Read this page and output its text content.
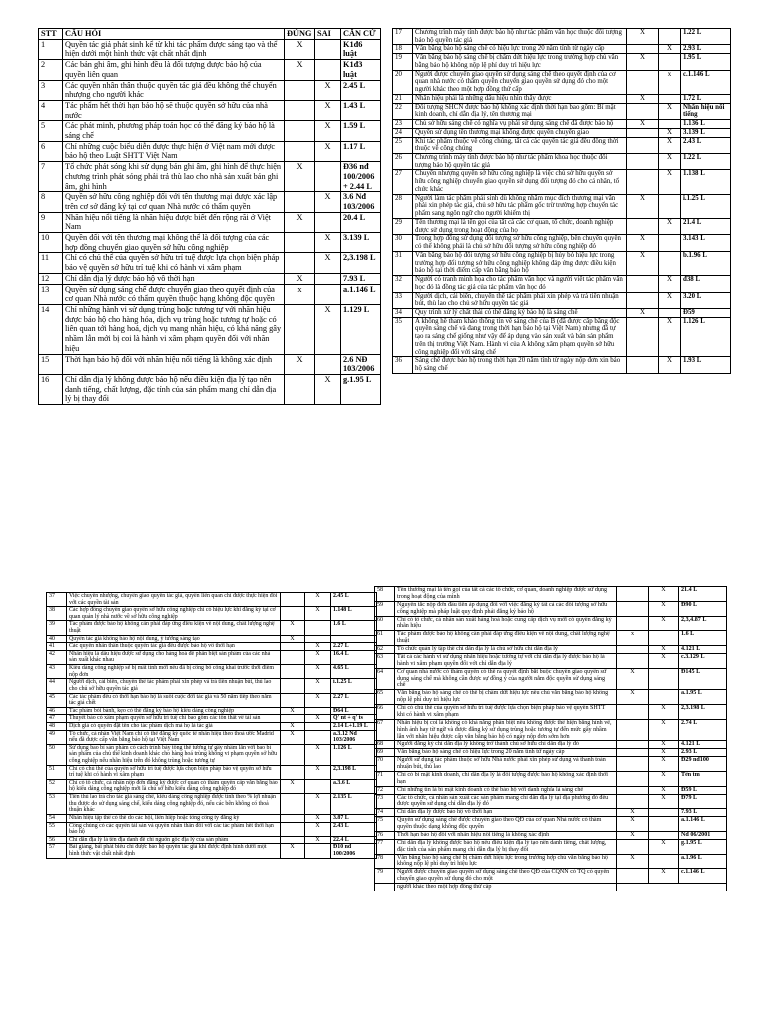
STT	CÂU HỎI	ĐÚNG	SAI	CĂN CỨ
1	Quyền tác giả phát sinh kể từ khi tác phẩm được sáng tạo và thể hiện dưới một hình thức vật chất nhất định	X		K1đ6 luật
2	Các bản ghi âm, ghi hình đều là đối tượng được bảo hộ của quyền liên quan	X		K1đ3 luật
3	Các quyền nhân thân thuộc quyền tác giả đều không thể chuyển nhượng cho người khác		X	2.45 L
4	Tác phẩm hết thời hạn bảo hộ sẽ thuộc quyền sở hữu của nhà nước		X	1.43 L
5	Các phát minh, phương pháp toán học có thể đăng ký bảo hộ là sáng chế		X	1.59 L
6	Chỉ những cuộc biểu diễn được thực hiện ở Việt nam mới được bảo hộ theo Luật SHTT Việt Nam		X	1.17 L
7	Tổ chức phát sóng khi sử dụng bản ghi âm, ghi hình để thực hiện chương trình phát sóng phải trả thù lao cho nhà sản xuất bản ghi âm, ghi hình	X		Đ36 nđ 100/2006 + 2.44 L
8	Quyền sở hữu công nghiệp đối với tên thương mại được xác lập trên cơ sở đăng ký tại cơ quan Nhà nước có thẩm quyền		X	3.6 Nđ 103/2006
9	Nhãn hiệu nổi tiếng là nhãn hiệu được biết đến rộng rãi ở Việt Nam	X		20.4 L
10	Quyền đối với tên thương mại không thể là đối tượng của các hợp đồng chuyển giao quyền sở hữu công nghiệp		X	3.139 L
11	Chỉ có chủ thể của quyền sở hữu trí tuệ được lựa chọn biện pháp bảo vệ quyền sở hữu trí tuệ khi có hành vi xâm phạm		X	2,3.198 L
12	Chỉ dẫn địa lý được bảo hộ vô thời hạn	X		7.93 L
13	Quyền sử dụng sáng chế được chuyển giao theo quyết định của cơ quan Nhà nước có thẩm quyền thuộc hạng không độc quyền	x		a.1.146 L
14	Chỉ những hành vi sử dụng trùng hoặc tương tự với nhãn hiệu được bảo hộ cho hàng hóa, dịch vụ trùng hoặc tương tự hoặc có liên quan tới hàng hoá, dịch vụ mang nhãn hiệu, có khả năng gây nhầm lẫn mới bị coi là hành vi xâm phạm quyền đối với nhãn hiệu		X	1.129 L
15	Thời hạn bảo hộ đối với nhãn hiệu nổi tiếng là không xác định	X		2.6 NĐ 103/2006
16	Chỉ dẫn địa lý không được bảo hộ nếu điều kiện địa lý tạo nên danh tiếng, chất lượng, đặc tính của sản phẩm mang chỉ dẫn địa lý bị thay đổi		X	g.1.95 L
17	Chương trình máy tính được bảo hộ như tác phẩm văn học thuộc đối tượng bảo hộ quyền tác giả	X		1.22 L
18	Văn bằng bảo hộ sáng chế có hiệu lực trong 20 năm tính từ ngày cấp		X	2.93 L
19	Văn bằng bảo hộ sáng chế bị chấm dứt hiệu lực trong trường hợp chủ văn bằng bảo hộ không nộp lệ phí duy trì hiệu lực	X		1.95 L
20	Người được chuyển giao quyền sử dụng sáng chế theo quyết định của cơ quan nhà nước có thẩm quyền chuyển giao quyền sử dụng đó cho một người khác theo một hợp đồng thứ cấp		x	c.1.146 L
21	Nhãn hiệu phải là những dấu hiệu nhìn thấy được	X		1.72 L
22	Đối tượng SHCN được bảo hộ không xác định thời hạn bao gồm: Bí mật kinh doanh, chỉ dẫn địa lý, tên thương mại		X	Nhãn hiệu nổi tiếng
23	Chủ sở hữu sáng chế có nghĩa vụ phải sử dụng sáng chế đã được bảo hộ	X		1.136 L
24	Quyền sử dụng tên thương mại không được quyền chuyển giao		X	3.139 L
25	Khi tác phẩm thuộc về công chúng, tất cả các quyền tác giả đều đồng thời thuộc về công chúng		X	2.43 L
26	Chương trình máy tính được bảo hộ như tác phẩm khoa học thuộc đối tượng bảo hộ quyền tác giả		X	1.22 L
27	Chuyển nhượng quyền sở hữu công nghiệp là việc chủ sở hữu quyền sở hữu công nghiệp chuyển giao quyền sử dụng đối tượng đó cho cá nhân, tổ chức khác		X	1.138 L
28	Người làm tác phẩm phái sinh dù không nhằm mục đích thương mại vẫn phải xin phép tác giả, chủ sở hữu tác phẩm gốc trừ trường hợp chuyển tác phẩm sang ngôn ngữ cho người khiếm thị	X		i.1.25 L
29	Tên thương mại là tên gọi của tất cả các cơ quan, tổ chức, doanh nghiệp được sử dụng trong hoạt động của họ		X	21.4 L
30	Trong hợp đồng sử dụng đối tượng sở hữu công nghiệp, bên chuyển quyền có thể không phải là chủ sở hữu đối tượng sở hữu công nghiệp đó	X		3.143 L
31	Văn bằng bảo hộ đối tượng sở hữu công nghiệp bị hủy bỏ hiệu lực trong trường hợp đối tượng sở hữu công nghiệp không đáp ứng được điều kiện bảo hộ tại thời điểm cấp văn bằng bảo hộ	X		b.1.96 L
32	Người có tranh minh họa cho tác phẩm văn học và người viết tác phẩm văn học đó là đồng tác giả của tác phẩm văn học đó		X	đ38 L
33	Người dịch, cải biên, chuyển thể tác phẩm phải xin phép và trả tiền nhuận bút, thù lao cho chủ sở hữu quyền tác giả		X	3.20 L
34	Quy trình xử lý chất thải có thể đăng ký bảo hộ là sáng chế	X		Đ59
35	A không hề tham khảo thông tin về sáng chế của B (đã được cấp bằng độc quyền sáng chế và đang trong thời hạn bảo hộ tại Việt Nam) nhưng đã tự tạo ra sáng chế giống như vậy để áp dụng vào sản xuất và bán sản phẩm trên thị trường Việt Nam. Hành vi của A không xâm phạm quyền sở hữu công nghiệp đối với sáng chế		X	1.126 L
36	Sáng chế được bảo hộ trong thời hạn 20 năm tính từ ngày nộp đơn xin bảo hộ sáng chế		X	1.93 L
37	Việc chuyển nhượng, chuyển giao quyền tác giả, quyền liên quan chỉ được thực hiện đối với các quyền tài sản		X	2.45 L
38	Các hợp đồng chuyển giao quyền sở hữu công nghiệp chỉ có hiệu lực khi đăng ký tại cơ quan quản lý nhà nước về sở hữu công nghiệp		X	1.148 L
39	Tác phẩm được bảo hộ không cần phải đáp ứng điều kiện về nội dung, chất lượng nghệ thuật	X		1.6 L
40	Quyền tác giả không bảo hộ nội dung, ý tưởng sáng tạo	X		
41	Các quyền nhân thân thuộc quyền tác giả đều được bảo hộ vô thời hạn		X	2.27 L
42	Nhãn hiệu là dấu hiệu được sử dụng cho hàng hoá để phân biệt sản phẩm của các nhà sản xuất khác nhau		X	16.4 L
43	Kiểu dáng công nghiệp sẽ bị mất tính mới nếu đã bị công bố công khai trước thời điểm nộp đơn		X	4.65 L
44	Người dịch, cải biên, chuyển thể tác phẩm phải xin phép và trả tiền nhuận bút, thù lao cho chủ sở hữu quyền tác giả		X	i.1.25 L
45	Các tác phẩm đều có thời hạn bảo hộ là suốt cuộc đời tác giả và 50 năm tiếp theo năm tác giả chết		X	2.27 L
46	Tác phẩm bói bánh, kẹo có thể đăng ký bảo hộ kiểu dáng công nghiệp	X		Đ64 L
47	Thuyết bảo có xâm phạm quyền sở hữu trí tuệ chỉ bao gồm các tổn thất về tài sản		X	Q' nt + q' ts
48	Dịch giả có quyền đặt tên cho tác phẩm dịch mà họ là tác giả	X		2.14 L+1.19 L
49	Tổ chức, cá nhân Việt Nam chỉ có thể đăng ký quốc tế nhãn hiệu theo thoả ước Madrid nếu đã được cấp văn bằng bảo hộ tại Việt Nam	X		a.3.12 Nđ 103/2006
50	Sử dụng bao bì sản phẩm có cách trình bày tổng thể tương tự gây nhầm lẫn với bao bì sản phẩm của chủ thể kinh doanh khác cho hàng hoá trùng không vi phạm quyền sở hữu công nghiệp nếu nhãn hiệu trên đó không trùng hoặc tương tự		X	1.126 L
51	Chỉ có chủ thể của quyền sở hữu trí tuệ được lựa chọn biện pháp bảo vệ quyền sở hữu trí tuệ khi có hành vi xâm phạm		X	2,3.198 L
52	Chỉ có tổ chức, cá nhân nộp đơn đăng ký được cơ quan có thẩm quyền cấp văn bằng bảo hộ kiểu dáng công nghiệp mới là chủ sở hữu kiểu dáng công nghiệp đó	X		a.3.6 L
53	Tiền thù lao trả cho tác giả sáng chế, kiểu dáng công nghiệp được tính theo % lợi nhuận thu được do sử dụng sáng chế, kiểu dáng công nghiệp đó, nếu các bên không có thoả thuận khác		X	2.135 L
54	Nhãn hiệu tập thể có thể do các hội, liên hiệp hoặc tổng công ty đăng ký		X	3.87 L
55	Công chúng có các quyền tài sản và quyền nhân thân đối với các tác phẩm hết thời hạn bảo hộ		X	2.43 L
56	Chỉ dẫn địa lý là tên địa danh để chỉ nguồn gốc địa lý của sản phẩm		X	22.4 L
57	Bài giảng, bài phát biểu chỉ được bảo hộ quyền tác giả khi được định hình dưới một hình thức vật chất nhất định	X		Đ10 nđ 100/2006
58	Tên thương mại là tên gọi của tất cả các tổ chức, cơ quan, doanh nghiệp được sử dụng trong hoạt động của mình		X	21.4 L
59	Nguyên tắc nộp đơn đầu tiên áp dụng đối với việc đăng ký tất cả các đối tượng sở hữu công nghiệp mà pháp luật quy định phải đăng ký bảo hộ		X	Đ90 L
60	Chỉ có tổ chức, cá nhân sản xuất hàng hoá hoặc cung cấp dịch vụ mới có quyền đăng ký nhãn hiệu		X	2,3,4.87 L
61	Tác phẩm được bảo hộ không cần phải đáp ứng điều kiện về nội dung, chất lượng nghệ thuật	x		1.6 L
62	Tổ chức quản lý tập thể chỉ dẫn địa lý là chủ sở hữu chỉ dẫn địa lý		X	4.121 L
63	Tất cả các hành vi sử dụng nhãn hiệu hoặc tương tự với chỉ dẫn địa lý được bảo hộ là hành vi xâm phạm quyền đối với chỉ dẫn địa lý		X	c.3.129 L
64	Cơ quan nhà nước có thẩm quyền có thể ra quyết định bắt buộc chuyển giao quyền sử dụng sáng chế mà không cần được sự đồng ý của người nắm độc quyền sử dụng sáng chế	X		Đ145 L
65	Văn bằng bảo hộ sáng chế có thể bị chấm dứt hiệu lực nếu chủ văn bằng bảo hộ không nộp lệ phí duy trì hiệu lực	X		a.1.95 L
66	Chỉ có chủ thể của quyền sở hữu trí tuệ được lựa chọn biện pháp bảo vệ quyền SHTT khi có hành vi xâm phạm		X	2,3.198 L
67	Nhãn hiệu bị coi là không có khả năng phân biệt nếu không được thể hiện bằng hình vẽ, hình ảnh hay từ ngữ và được đăng ký sử dụng trùng hoặc tương tự đến mức gây nhầm lẫn với nhãn hiệu được cấp văn bằng bảo hộ có ngày nộp đơn sớm hơn		X	2.74 L
68	Người đăng ký chỉ dẫn địa lý không trở thành chủ sở hữu chỉ dẫn địa lý đó		X	4.121 L
69	Văn bằng bảo hộ sáng chế có hiệu lực trong 20 năm tính từ ngày cấp		X	2.93 L
70	Người sử dụng tác phẩm thuộc sở hữu Nhà nước phải xin phép sử dụng và thanh toán nhuận bút, thù lao		X	Đ29 nđ100
71	Chỉ có bí mật kinh doanh, chỉ dẫn địa lý là đối tượng được bảo hộ không xác định thời hạn		X	Tên tm
72	Chỉ những tín là bí mật kinh doanh có thể bảo hộ với danh nghĩa là sáng chế		X	Đ59 L
73	Các tổ chức, cá nhân sản xuất các sản phẩm mang chỉ dẫn địa lý tại địa phương đó đều được quyền sử dụng chỉ dẫn địa lý đó		X	Đ79 L
74	Chỉ dẫn địa lý được bảo hộ vô thời hạn	X		7.93 L
75	Quyền sử dụng sáng chế được chuyển giao theo QĐ của cơ quan Nhà nước có thẩm quyền thuộc dạng không độc quyền	X		a.1.146 L
76	Thời hạn bảo hộ đối với nhãn hiệu nổi tiếng là không xác định	X		Nđ 06/2001
77	Chỉ dẫn địa lý không được bảo hộ nếu điều kiện địa lý tạo nên danh tiếng, chất lượng, đặc tính của sản phẩm mang chỉ dẫn địa lý bị thay đổi		X	g.1.95 L
78	Văn bằng bảo hộ sáng chế bị chấm dứt hiệu lực trong trường hợp chủ văn bằng bảo hộ không nộp lệ phí duy trì hiệu lực	X		a.1.96 L
79	Người được chuyển giao quyền sử dụng sáng chế theo QĐ của CQNN có TQ có quyền chuyển giao quyền sử dụng đó cho một		X	c.1.146 L
	người khác theo một hợp đồng thứ cấp			
